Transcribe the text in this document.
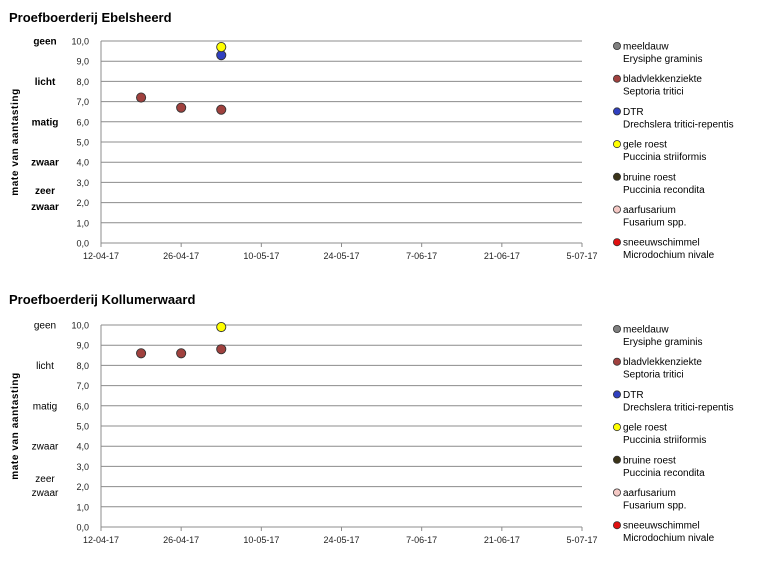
Proefboerderij Ebelsheerd
0,0
1,0
2,0
3,0
4,0
5,0
6,0
7,0
8,0
9,0
10,0
12-04-17	26-04-17	10-05-17	24-05-17	7-06-17	21-06-17	5-07-17
geen
licht
matig
zwaar
zeer
zwaar
mate van aantasting
meeldauw
Erysiphe graminis
bladvlekkenziekte
Septoria tritici
DTR
Drechslera tritici-repentis
gele roest
Puccinia striiformis
bruine roest
Puccinia recondita
aarfusarium
Fusarium spp.
sneeuwschimmel
Microdochium nivale
Proefboerderij Kollumerwaard
0,0
1,0
2,0
3,0
4,0
5,0
6,0
7,0
8,0
9,0
10,0
12-04-17	26-04-17	10-05-17	24-05-17	7-06-17	21-06-17	5-07-17
geen
licht
matig
zwaar
zeer
zwaar
mate van aantasting
meeldauw
Erysiphe graminis
bladvlekkenziekte
Septoria tritici
DTR
Drechslera tritici-repentis
gele roest
Puccinia striiformis
bruine roest
Puccinia recondita
aarfusarium
Fusarium spp.
sneeuwschimmel
Microdochium nivale
